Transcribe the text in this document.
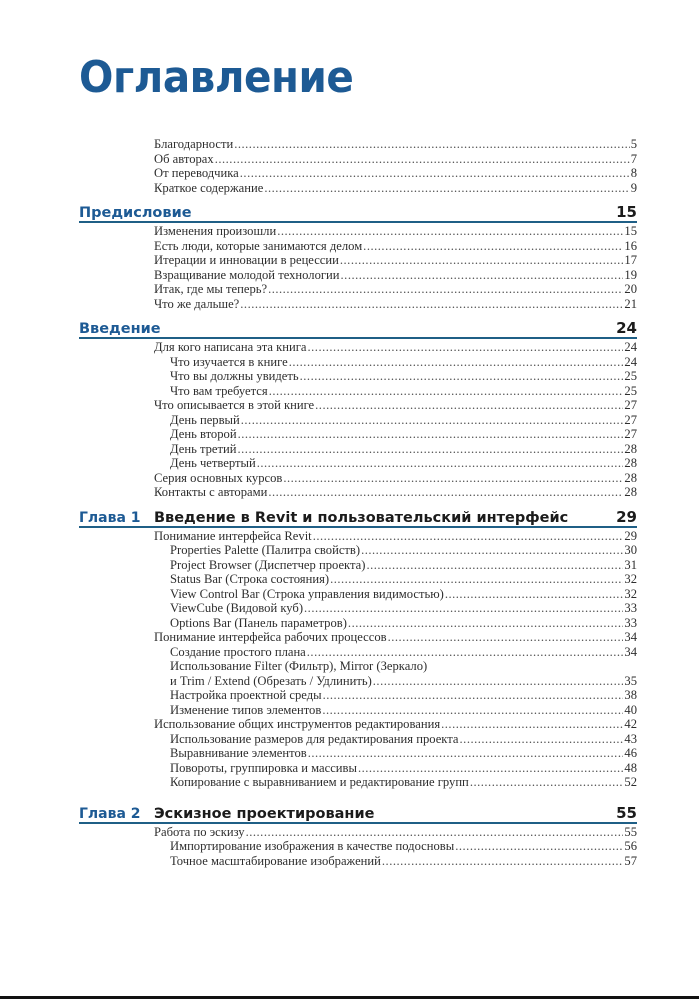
Оглавление
Благодарности .....	5
Об авторах .....	7
От переводчика .....	8
Краткое содержание .....	9
Предисловие	15
Изменения произошли .....	15
Есть люди, которые занимаются делом .....	16
Итерации и инновации в рецессии .....	17
Взращивание молодой технологии .....	19
Итак, где мы теперь? .....	20
Что же дальше? .....	21
Введение	24
Для кого написана эта книга .....	24
Что изучается в книге .....	24
Что вы должны увидеть .....	25
Что вам требуется .....	25
Что описывается в этой книге .....	27
День первый .....	27
День второй .....	27
День третий .....	28
День четвертый .....	28
Серия основных курсов .....	28
Контакты с авторами .....	28
Глава 1 Введение в Revit и пользовательский интерфейс	29
Понимание интерфейса Revit .....	29
Properties Palette (Палитра свойств) .....	30
Project Browser (Диспетчер проекта) .....	31
Status Bar (Строка состояния) .....	32
View Control Bar (Строка управления видимостью) .....	32
ViewCube (Видовой куб) .....	33
Options Bar (Панель параметров) .....	33
Понимание интерфейса рабочих процессов .....	34
Создание простого плана .....	34
Использование Filter (Фильтр), Mirror (Зеркало)
и Trim / Extend (Обрезать / Удлинить) .....	35
Настройка проектной среды .....	38
Изменение типов элементов .....	40
Использование общих инструментов редактирования .....	42
Использование размеров для редактирования проекта .....	43
Выравнивание элементов .....	46
Повороты, группировка и массивы .....	48
Копирование с выравниванием и редактирование групп .....	52
Глава 2 Эскизное проектирование	55
Работа по эскизу .....	55
Импортирование изображения в качестве подосновы .....	56
Точное масштабирование изображений .....	57
